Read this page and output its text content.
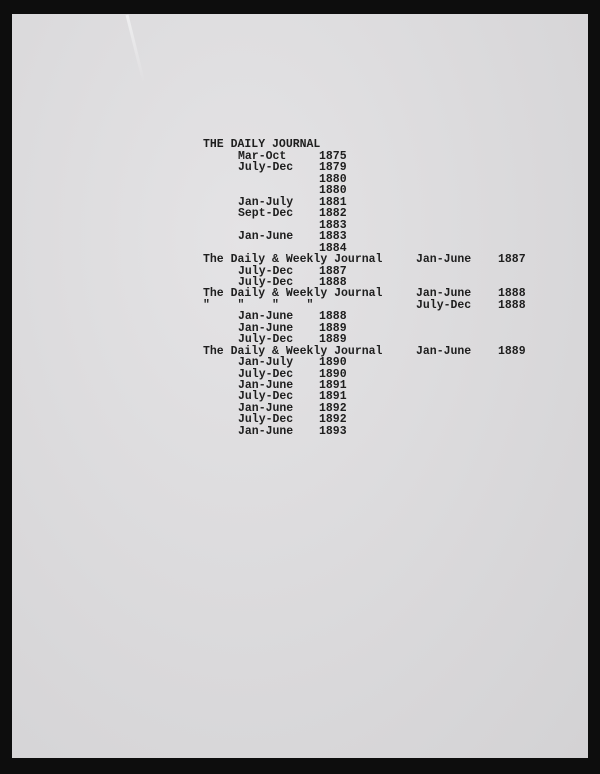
THE DAILY JOURNAL
Mar-Oct	1875
July-Dec 1879
1880
1880
Jan-July 1881
Sept-Dec 1882
1883
Jan-June 1883
1884
The Daily & Weekly Journal	Jan-June 1887
July-Dec 1887
July-Dec 1888
The Daily & Weekly Journal	Jan-June 1888
"    "    "    "	July-Dec 1888
Jan-June 1888
Jan-June 1889
July-Dec 1889
The Daily & Weekly Journal	Jan-June 1889
Jan-July 1890
July-Dec 1890
Jan-June 1891
July-Dec 1891
Jan-June 1892
July-Dec 1892
Jan-June 1893
